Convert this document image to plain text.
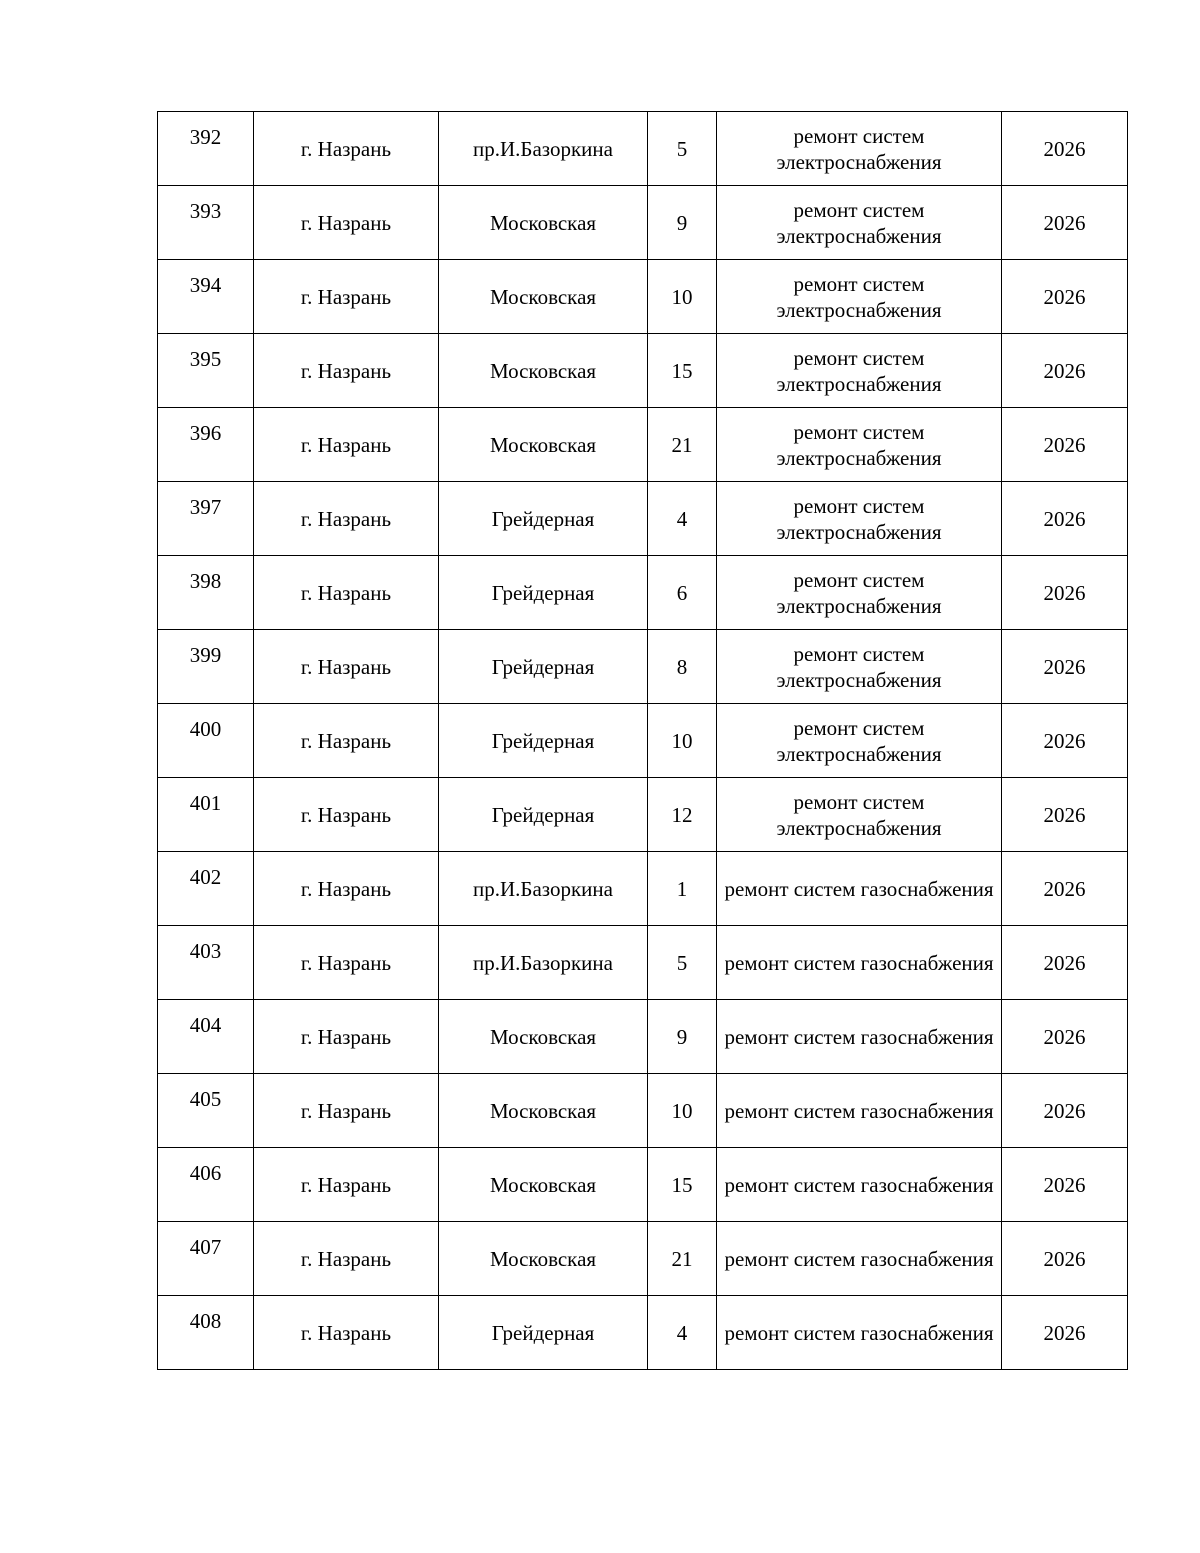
392	г. Назрань	пр.И.Базоркина	5	ремонт систем электроснабжения	2026
393	г. Назрань	Московская	9	ремонт систем электроснабжения	2026
394	г. Назрань	Московская	10	ремонт систем электроснабжения	2026
395	г. Назрань	Московская	15	ремонт систем электроснабжения	2026
396	г. Назрань	Московская	21	ремонт систем электроснабжения	2026
397	г. Назрань	Грейдерная	4	ремонт систем электроснабжения	2026
398	г. Назрань	Грейдерная	6	ремонт систем электроснабжения	2026
399	г. Назрань	Грейдерная	8	ремонт систем электроснабжения	2026
400	г. Назрань	Грейдерная	10	ремонт систем электроснабжения	2026
401	г. Назрань	Грейдерная	12	ремонт систем электроснабжения	2026
402	г. Назрань	пр.И.Базоркина	1	ремонт систем газоснабжения	2026
403	г. Назрань	пр.И.Базоркина	5	ремонт систем газоснабжения	2026
404	г. Назрань	Московская	9	ремонт систем газоснабжения	2026
405	г. Назрань	Московская	10	ремонт систем газоснабжения	2026
406	г. Назрань	Московская	15	ремонт систем газоснабжения	2026
407	г. Назрань	Московская	21	ремонт систем газоснабжения	2026
408	г. Назрань	Грейдерная	4	ремонт систем газоснабжения	2026
